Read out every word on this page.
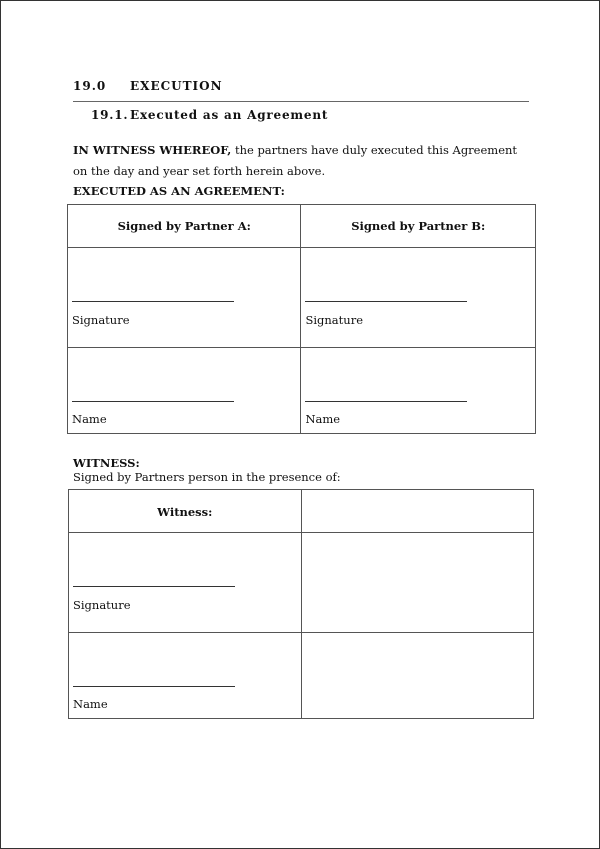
19.0 EXECUTION
19.1. Executed as an Agreement
IN WITNESS WHEREOF, the partners have duly executed this Agreement on the day and year set forth herein above.
EXECUTED AS AN AGREEMENT:
Signed by Partner A:	Signed by Partner B:

Signature	Signature

Name	Name
WITNESS:
Signed by Partners person in the presence of:
Witness:	

Signature	

Name	
